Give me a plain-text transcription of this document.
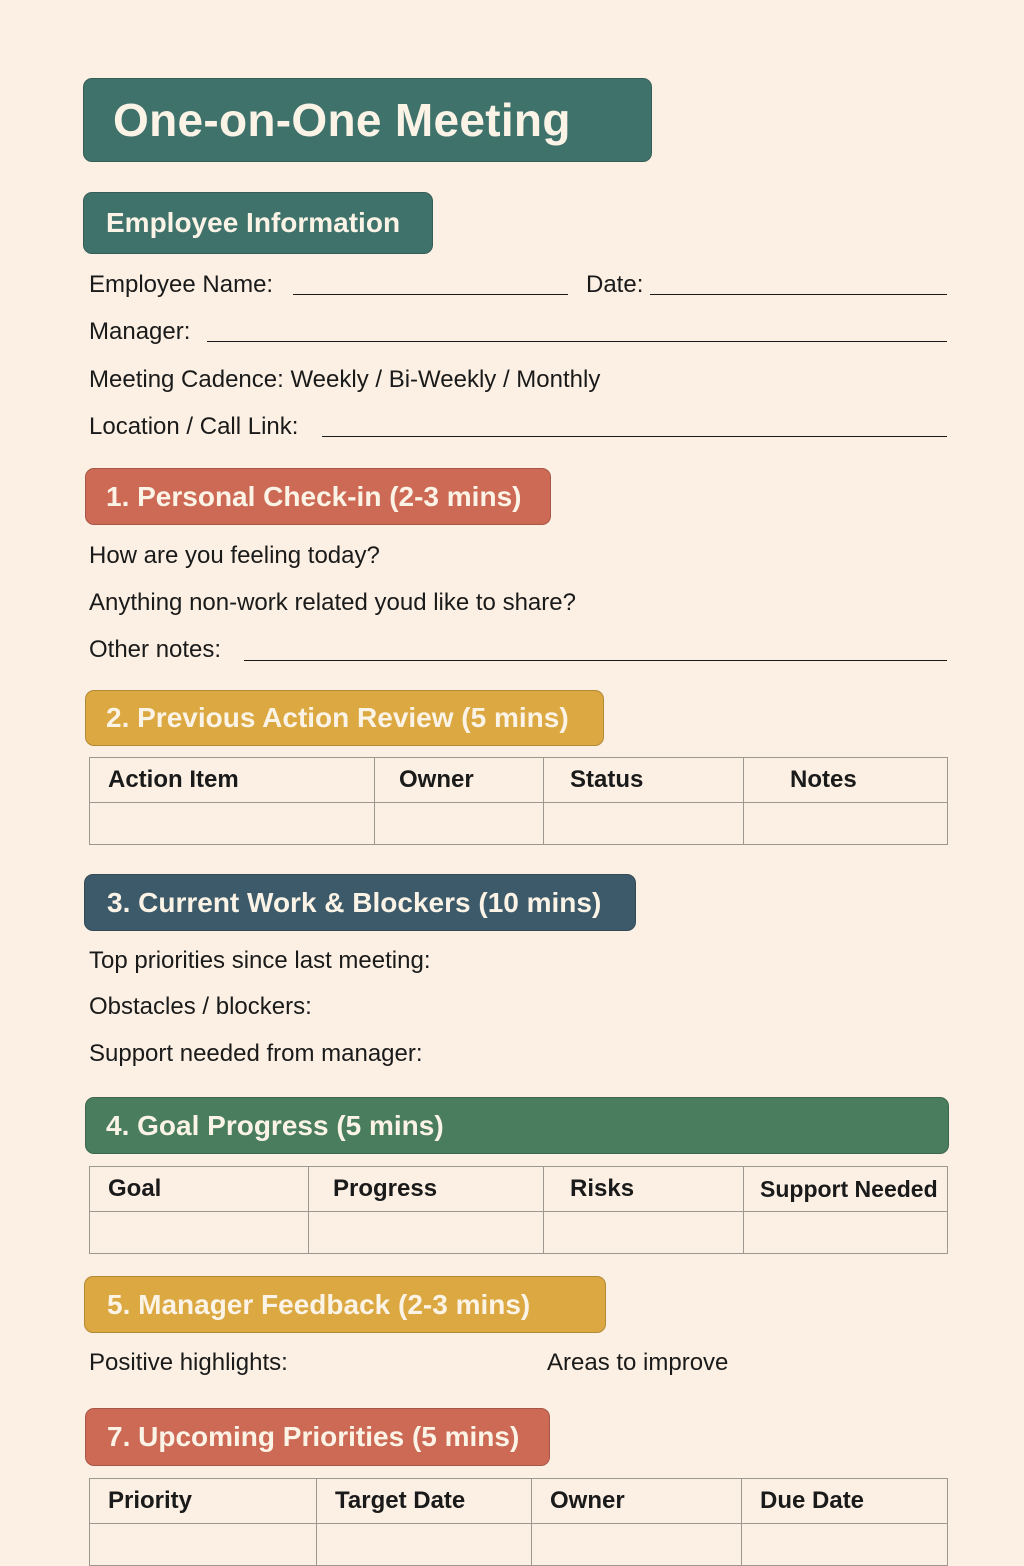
One-on-One Meeting
Employee Information
Employee Name:	Date:
Manager:
Meeting Cadence: Weekly / Bi-Weekly / Monthly
Location / Call Link:
1. Personal Check-in (2-3 mins)
How are you feeling today?
Anything non-work related youd like to share?
Other notes:
2. Previous Action Review (5 mins)
Action Item	Owner	Status	Notes

3. Current Work & Blockers (10 mins)
Top priorities since last meeting:
Obstacles / blockers:
Support needed from manager:
4. Goal Progress (5 mins)
Goal	Progress	Risks	Support Needed

5. Manager Feedback (2-3 mins)
Positive highlights:	Areas to improve
7. Upcoming Priorities (5 mins)
Priority	Target Date	Owner	Due Date
